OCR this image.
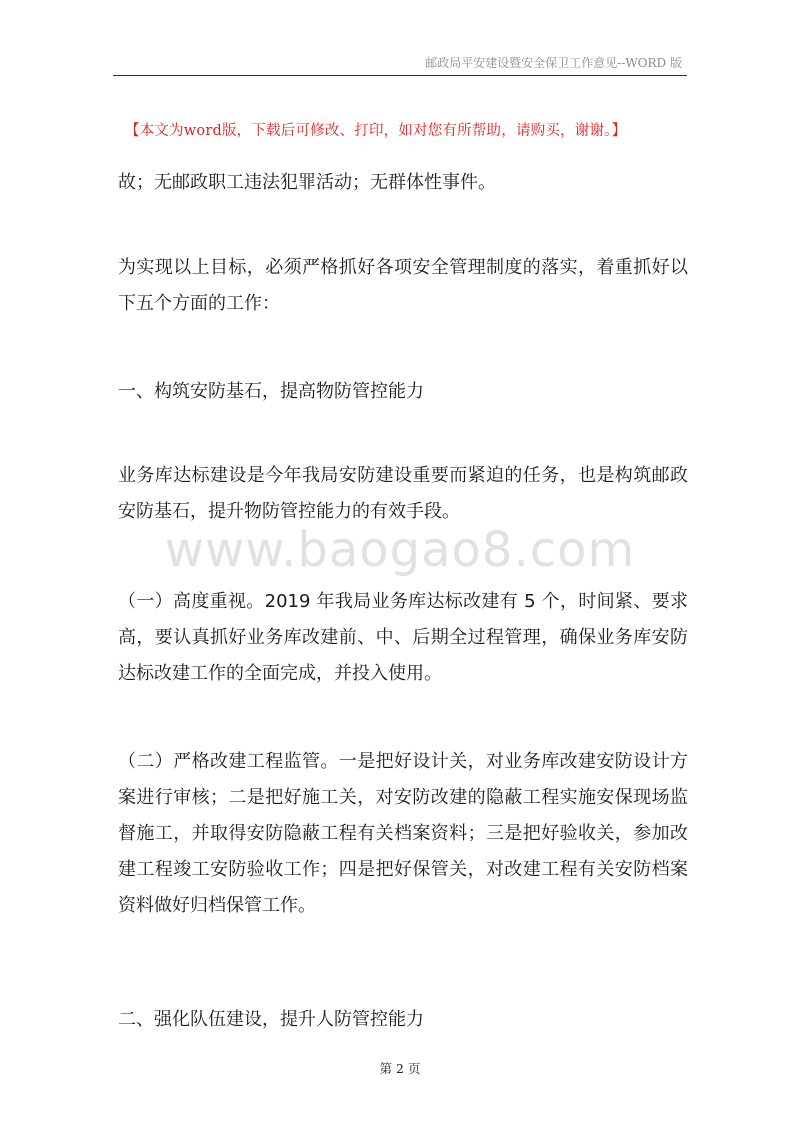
邮政局平安建设暨安全保卫工作意见--WORD 版
【本文为word版，下载后可修改、打印，如对您有所帮助，请购买，谢谢。】

故；无邮政职工违法犯罪活动；无群体性事件。

为实现以上目标，必须严格抓好各项安全管理制度的落实，着重抓好以下五个方面的工作：

一、构筑安防基石，提高物防管控能力

业务库达标建设是今年我局安防建设重要而紧迫的任务，也是构筑邮政安防基石，提升物防管控能力的有效手段。

www.baogao8.com

（一）高度重视。2019 年我局业务库达标改建有 5 个，时间紧、要求高，要认真抓好业务库改建前、中、后期全过程管理，确保业务库安防达标改建工作的全面完成，并投入使用。

（二）严格改建工程监管。一是把好设计关，对业务库改建安防设计方案进行审核；二是把好施工关，对安防改建的隐蔽工程实施安保现场监督施工，并取得安防隐蔽工程有关档案资料；三是把好验收关，参加改建工程竣工安防验收工作；四是把好保管关，对改建工程有关安防档案资料做好归档保管工作。

二、强化队伍建设，提升人防管控能力

第 2 页
